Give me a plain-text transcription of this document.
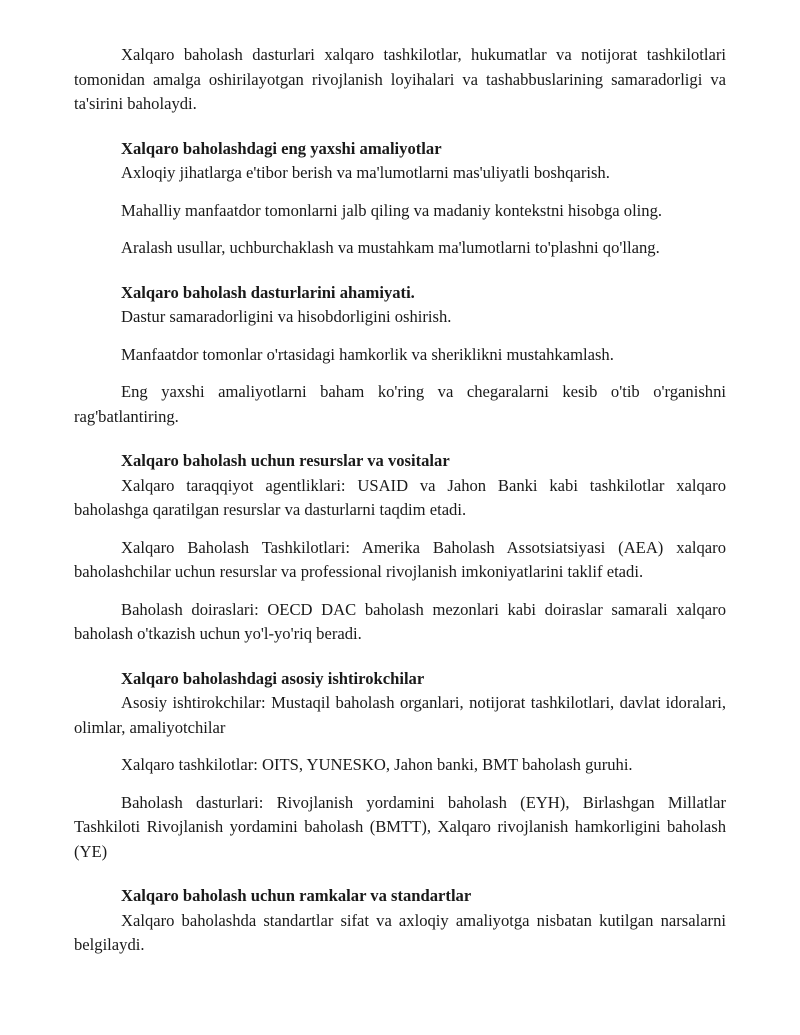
Xalqaro baholash dasturlari xalqaro tashkilotlar, hukumatlar va notijorat tashkilotlari tomonidan amalga oshirilayotgan rivojlanish loyihalari va tashabbuslarining samaradorligi va ta'sirini baholaydi.

Xalqaro baholashdagi eng yaxshi amaliyotlar

Axloqiy jihatlarga e'tibor berish va ma'lumotlarni mas'uliyatli boshqarish.

Mahalliy manfaatdor tomonlarni jalb qiling va madaniy kontekstni hisobga oling.

Aralash usullar, uchburchaklash va mustahkam ma'lumotlarni to'plashni qo'llang.

Xalqaro baholash dasturlarini ahamiyati.

Dastur samaradorligini va hisobdorligini oshirish.

Manfaatdor tomonlar o'rtasidagi hamkorlik va sheriklikni mustahkamlash.

Eng yaxshi amaliyotlarni baham ko'ring va chegaralarni kesib o'tib o'rganishni rag'batlantiring.

Xalqaro baholash uchun resurslar va vositalar

Xalqaro taraqqiyot agentliklari: USAID va Jahon Banki kabi tashkilotlar xalqaro baholashga qaratilgan resurslar va dasturlarni taqdim etadi.

Xalqaro Baholash Tashkilotlari: Amerika Baholash Assotsiatsiyasi (AEA) xalqaro baholashchilar uchun resurslar va professional rivojlanish imkoniyatlarini taklif etadi.

Baholash doiraslari: OECD DAC baholash mezonlari kabi doiraslar samarali xalqaro baholash o'tkazish uchun yo'l-yo'riq beradi.

Xalqaro baholashdagi asosiy ishtirokchilar

Asosiy ishtirokchilar: Mustaqil baholash organlari, notijorat tashkilotlari, davlat idoralari, olimlar, amaliyotchilar

Xalqaro tashkilotlar: OITS, YUNESKO, Jahon banki, BMT baholash guruhi.

Baholash dasturlari: Rivojlanish yordamini baholash (EYH), Birlashgan Millatlar Tashkiloti Rivojlanish yordamini baholash (BMTT), Xalqaro rivojlanish hamkorligini baholash (YE)

Xalqaro baholash uchun ramkalar va standartlar

Xalqaro baholashda standartlar sifat va axloqiy amaliyotga nisbatan kutilgan narsalarni belgilaydi.
